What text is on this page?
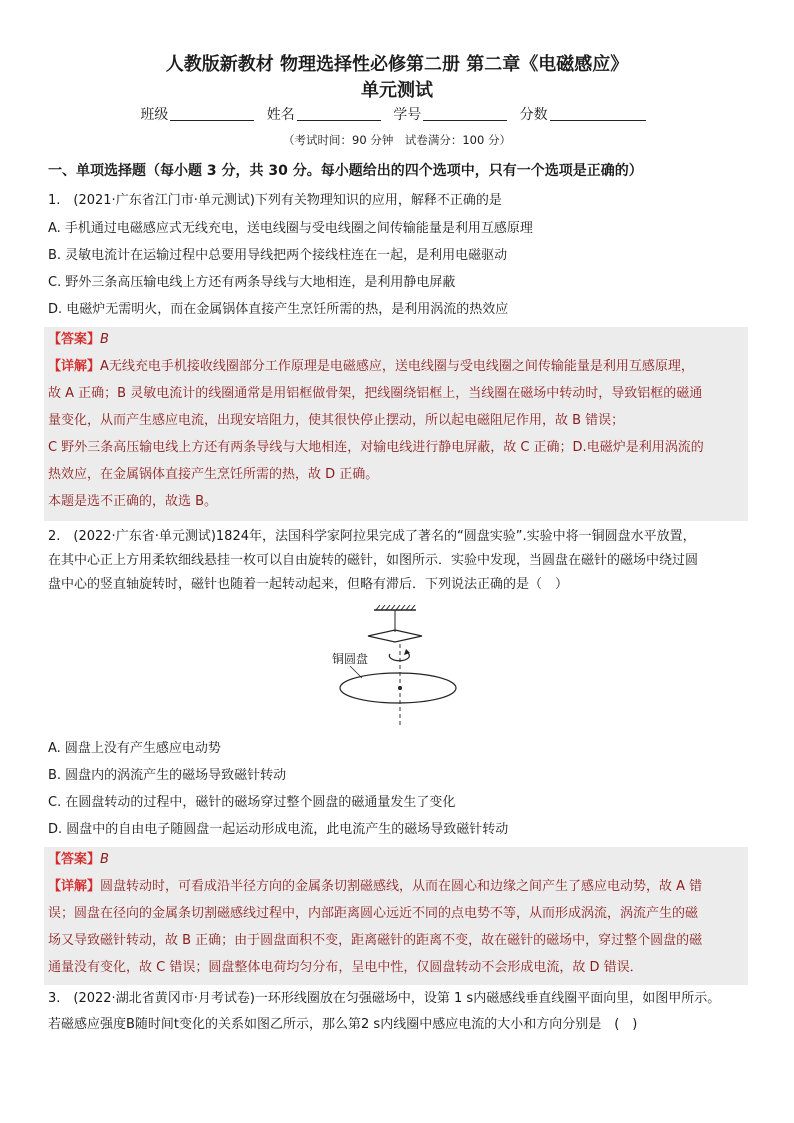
人教版新教材 物理选择性必修第二册 第二章《电磁感应》
单元测试
班级	姓名	学号	分数
（考试时间：90 分钟　试卷满分：100 分）
一、单项选择题（每小题 3 分，共 30 分。每小题给出的四个选项中，只有一个选项是正确的）
1.　(2021·广东省江门市·单元测试)下列有关物理知识的应用，解释不正确的是
A. 手机通过电磁感应式无线充电，送电线圈与受电线圈之间传输能量是利用互感原理
B. 灵敏电流计在运输过程中总要用导线把两个接线柱连在一起，是利用电磁驱动
C. 野外三条高压输电线上方还有两条导线与大地相连，是利用静电屏蔽
D. 电磁炉无需明火，而在金属锅体直接产生烹饪所需的热，是利用涡流的热效应
【答案】B
【详解】A无线充电手机接收线圈部分工作原理是电磁感应，送电线圈与受电线圈之间传输能量是利用互感原理，
故 A 正确；B 灵敏电流计的线圈通常是用铝框做骨架，把线圈绕铝框上，当线圈在磁场中转动时，导致铝框的磁通
量变化，从而产生感应电流，出现安培阻力，使其很快停止摆动，所以起电磁阻尼作用，故 B 错误；
C 野外三条高压输电线上方还有两条导线与大地相连，对输电线进行静电屏蔽，故 C 正确；D.电磁炉是利用涡流的
热效应，在金属锅体直接产生烹饪所需的热，故 D 正确。
本题是选不正确的，故选 B。
2.　(2022·广东省·单元测试)1824年，法国科学家阿拉果完成了著名的“圆盘实验”.实验中将一铜圆盘水平放置，
在其中心正上方用柔软细线悬挂一枚可以自由旋转的磁针，如图所示．实验中发现，当圆盘在磁针的磁场中绕过圆
盘中心的竖直轴旋转时，磁针也随着一起转动起来，但略有滞后．下列说法正确的是（　）
铜圆盘
A. 圆盘上没有产生感应电动势
B. 圆盘内的涡流产生的磁场导致磁针转动
C. 在圆盘转动的过程中，磁针的磁场穿过整个圆盘的磁通量发生了变化
D. 圆盘中的自由电子随圆盘一起运动形成电流，此电流产生的磁场导致磁针转动
【答案】B
【详解】圆盘转动时，可看成沿半径方向的金属条切割磁感线，从而在圆心和边缘之间产生了感应电动势，故 A 错
误；圆盘在径向的金属条切割磁感线过程中，内部距离圆心远近不同的点电势不等，从而形成涡流，涡流产生的磁
场又导致磁针转动，故 B 正确；由于圆盘面积不变，距离磁针的距离不变，故在磁针的磁场中，穿过整个圆盘的磁
通量没有变化，故 C 错误；圆盘整体电荷均匀分布，呈电中性，仅圆盘转动不会形成电流，故 D 错误．
3.　(2022·湖北省黄冈市·月考试卷)一环形线圈放在匀强磁场中，设第 1 s内磁感线垂直线圈平面向里，如图甲所示。
若磁感应强度B随时间t变化的关系如图乙所示，那么第2 s内线圈中感应电流的大小和方向分别是　(　)
